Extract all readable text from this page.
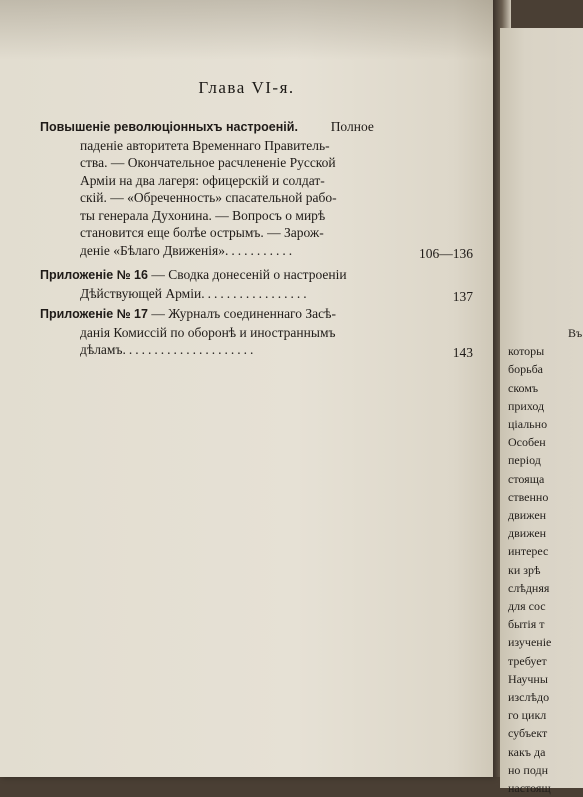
Глава VI-я.
Повышеніе революціонныхъ настроеній. Полное
паденіе авторитета Временнаго Правитель-
ства. — Окончательное расчлененіе Русской
Арміи на два лагеря: офицерскій и солдат-
скій. — «Обреченность» спасательной рабо-
ты генерала Духонина. — Вопросъ о мирѣ
становится еще болѣе острымъ. — Зарож-
деніе «Бѣлаго Движенія»...........	106—136
Приложеніе № 16 — Сводка донесеній о настроеніи
Дѣйствующей Арміи.................	137
Приложеніе № 17 — Журналъ соединеннаго Засѣ-
данія Комиссій по оборонѣ и иностраннымъ
дѣламъ.....................	143
Въ
которы
борьба
скомъ
приход
ціально
Особен
період
стояща
ственно
движен
движен
интерес
ки зрѣ
слѣдняя
для сос
бытія т
изученіе
требует
Научны
изслѣдо
го цикл
субъект
какъ да
но подн
настоящ
